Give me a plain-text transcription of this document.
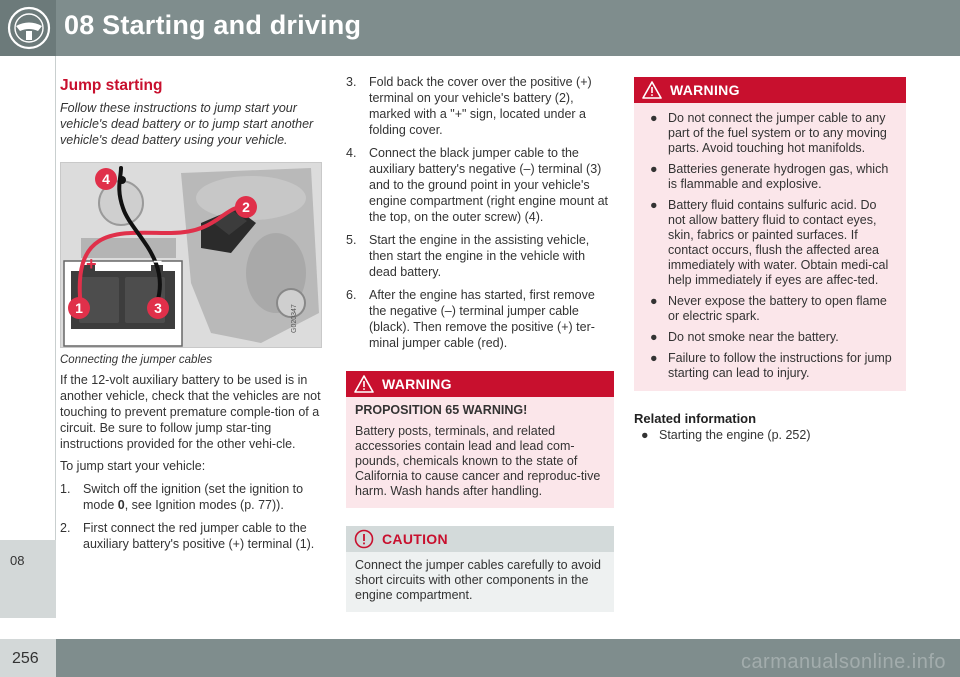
08 Starting and driving
08
Jump starting
Follow these instructions to jump start your vehicle's dead battery or to jump start another vehicle's dead battery using your vehicle.
+	−
1
2
3
4
G020347
Connecting the jumper cables

If the 12-volt auxiliary battery to be used is in another vehicle, check that the vehicles are not touching to prevent premature comple-tion of a circuit. Be sure to follow jump star-ting instructions provided for the other vehi-cle.

To jump start your vehicle:

1. Switch off the ignition (set the ignition to mode 0, see Ignition modes (p. 77)).
2. First connect the red jumper cable to the auxiliary battery's positive (+) terminal (1).
3. Fold back the cover over the positive (+) terminal on your vehicle's battery (2), marked with a "+" sign, located under a folding cover.
4. Connect the black jumper cable to the auxiliary battery's negative (–) terminal (3) and to the ground point in your vehicle's engine compartment (right engine mount at the top, on the outer screw) (4).
5. Start the engine in the assisting vehicle, then start the engine in the vehicle with dead battery.
6. After the engine has started, first remove the negative (–) terminal jumper cable (black). Then remove the positive (+) ter-minal jumper cable (red).
WARNING
PROPOSITION 65 WARNING!
Battery posts, terminals, and related accessories contain lead and lead com-pounds, chemicals known to the state of California to cause cancer and reproduc-tive harm. Wash hands after handling.
CAUTION
Connect the jumper cables carefully to avoid short circuits with other components in the engine compartment.
WARNING
● Do not connect the jumper cable to any part of the fuel system or to any moving parts. Avoid touching hot manifolds.
● Batteries generate hydrogen gas, which is flammable and explosive.
● Battery fluid contains sulfuric acid. Do not allow battery fluid to contact eyes, skin, fabrics or painted surfaces. If contact occurs, flush the affected area immediately with water. Obtain medi-cal help immediately if eyes are affec-ted.
● Never expose the battery to open flame or electric spark.
● Do not smoke near the battery.
● Failure to follow the instructions for jump starting can lead to injury.
Related information
● Starting the engine (p. 252)
256	carmanualsonline.info
